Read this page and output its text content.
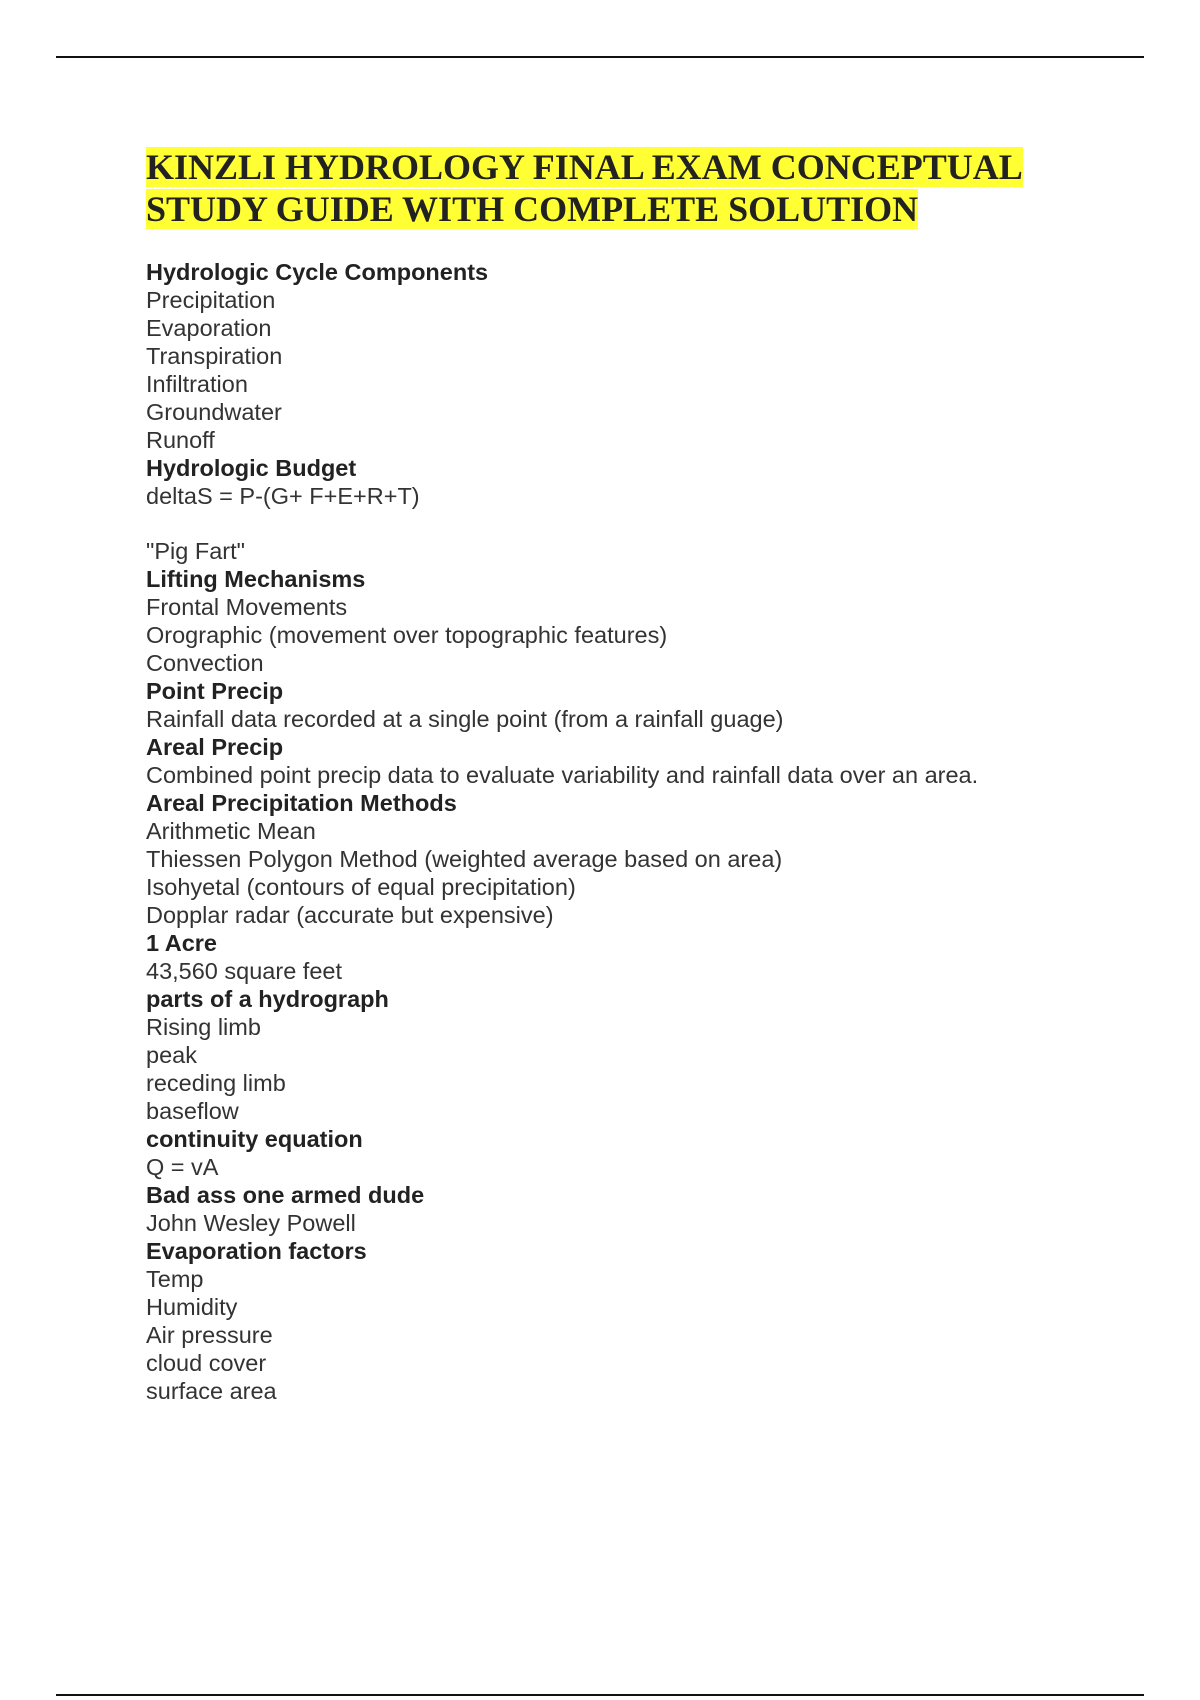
KINZLI HYDROLOGY FINAL EXAM CONCEPTUAL
STUDY GUIDE WITH COMPLETE SOLUTION
Hydrologic Cycle Components
Precipitation
Evaporation
Transpiration
Infiltration
Groundwater
Runoff
Hydrologic Budget
deltaS = P-(G+ F+E+R+T)
"Pig Fart"
Lifting Mechanisms
Frontal Movements
Orographic (movement over topographic features)
Convection
Point Precip
Rainfall data recorded at a single point (from a rainfall guage)
Areal Precip
Combined point precip data to evaluate variability and rainfall data over an area.
Areal Precipitation Methods
Arithmetic Mean
Thiessen Polygon Method (weighted average based on area)
Isohyetal (contours of equal precipitation)
Dopplar radar (accurate but expensive)
1 Acre
43,560 square feet
parts of a hydrograph
Rising limb
peak
receding limb
baseflow
continuity equation
Q = vA
Bad ass one armed dude
John Wesley Powell
Evaporation factors
Temp
Humidity
Air pressure
cloud cover
surface area
